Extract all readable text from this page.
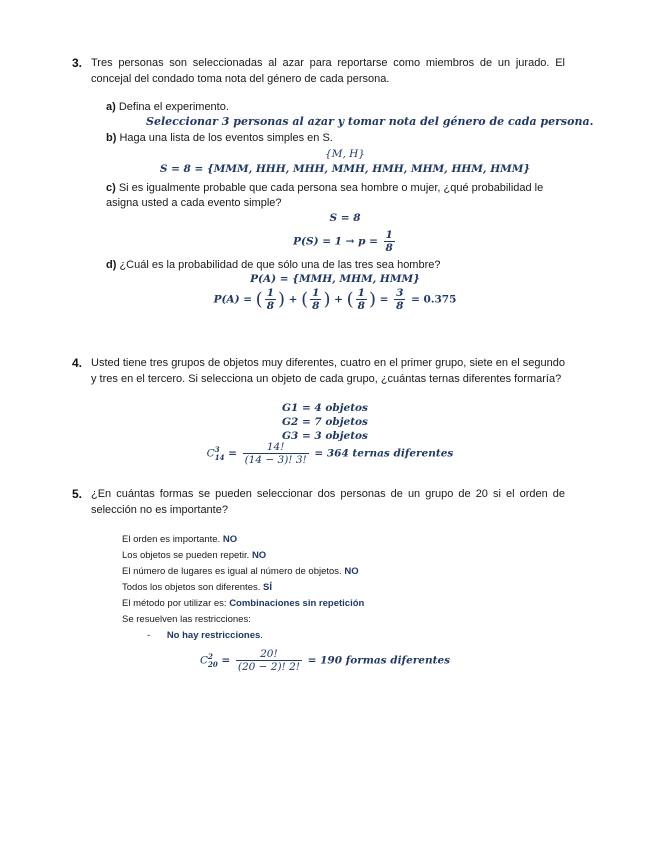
3. Tres personas son seleccionadas al azar para reportarse como miembros de un jurado. El concejal del condado toma nota del género de cada persona.
a) Defina el experimento.
Seleccionar 3 personas al azar y tomar nota del género de cada persona.
b) Haga una lista de los eventos simples en S.
{M, H}
S = 8 = {MMM, HHH, MHH, MMH, HMH, MHM, HHM, HMM}
c) Si es igualmente probable que cada persona sea hombre o mujer, ¿qué probabilidad le asigna usted a cada evento simple?
S = 8
$P(S) = 1 \to p = \frac{1}{8}$
d) ¿Cuál es la probabilidad de que sólo una de las tres sea hombre?
P(A) = {MMH, MHM, HMM}
P(A) = ( $\frac{1}{8}$ ) + ( $\frac{1}{8}$ ) + ( $\frac{1}{8}$ ) = $\frac{3}{8} = 0.375$
4. Usted tiene tres grupos de objetos muy diferentes, cuatro en el primer grupo, siete en el segundo y tres en el tercero. Si selecciona un objeto de cada grupo, ¿cuántas ternas diferentes formaría?
G1 = 4 objetos
G2 = 7 objetos
G3 = 3 objetos
C 3
$14 = \frac{14!}{(14 - 3)! 3!} = 364$ ternas diferentes
5. ¿En cuántas formas se pueden seleccionar dos personas de un grupo de 20 si el orden de selección no es importante?
El orden es importante. NO
Los objetos se pueden repetir. NO
El número de lugares es igual al número de objetos. NO
Todos los objetos son diferentes. SÍ
El método por utilizar es: Combinaciones sin repetición
Se resuelven las restricciones:
- No hay restricciones.
C 2
$20 = \frac{20!}{(20 - 2)! 2!} = 190$ formas diferentes
